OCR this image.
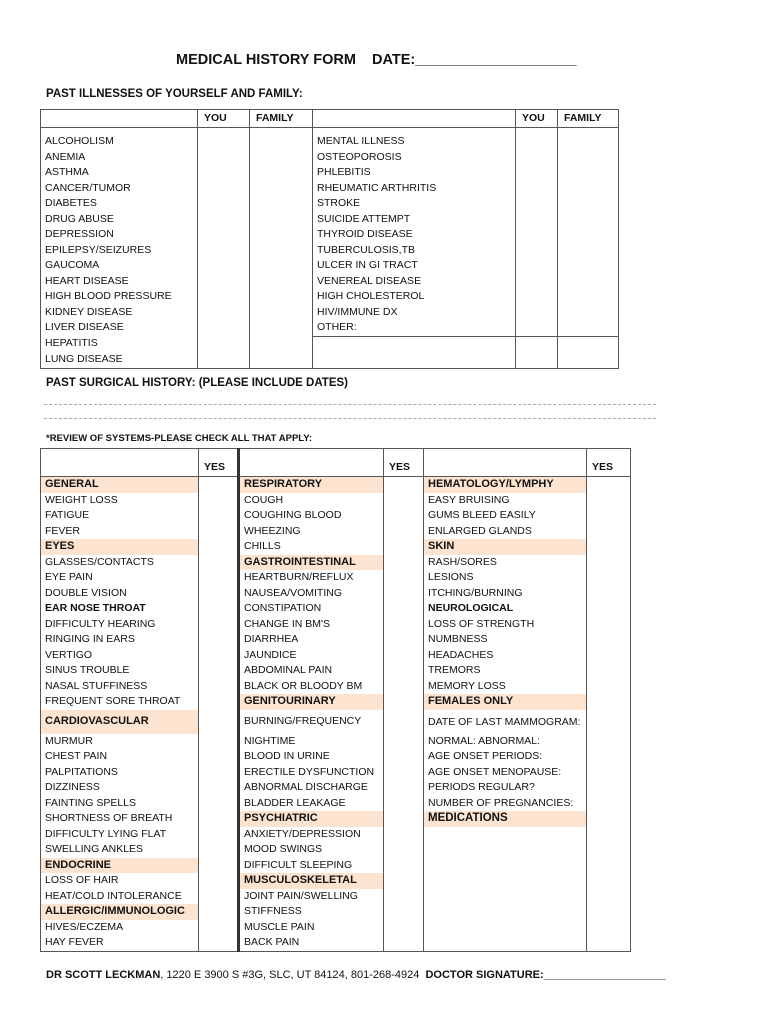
MEDICAL HISTORY FORM    DATE:____________________
PAST ILLNESSES OF YOURSELF AND FAMILY:
	YOU	FAMILY		YOU	FAMILY

ALCOHOLISM			MENTAL ILLNESS		
ANEMIA			OSTEOPOROSIS		
ASTHMA			PHLEBITIS		
CANCER/TUMOR			RHEUMATIC ARTHRITIS		
DIABETES			STROKE		
DRUG ABUSE			SUICIDE ATTEMPT		
DEPRESSION			THYROID DISEASE		
EPILEPSY/SEIZURES			TUBERCULOSIS,TB		
GAUCOMA			ULCER IN GI TRACT		
HEART DISEASE			VENEREAL DISEASE		
HIGH BLOOD PRESSURE			HIGH CHOLESTEROL		
KIDNEY DISEASE			HIV/IMMUNE DX		
LIVER DISEASE			OTHER:		
HEPATITIS					
LUNG DISEASE					
PAST SURGICAL HISTORY: (PLEASE INCLUDE DATES)
*REVIEW OF SYSTEMS-PLEASE CHECK ALL THAT APPLY:
	YES		YES		YES
GENERAL		RESPIRATORY		HEMATOLOGY/LYMPHY	
WEIGHT LOSS		COUGH		EASY BRUISING	
FATIGUE		COUGHING BLOOD		GUMS BLEED EASILY	
FEVER		WHEEZING		ENLARGED GLANDS	
EYES		CHILLS		SKIN	
GLASSES/CONTACTS		GASTROINTESTINAL		RASH/SORES	
EYE PAIN		HEARTBURN/REFLUX		LESIONS	
DOUBLE VISION		NAUSEA/VOMITING		ITCHING/BURNING	
EAR NOSE THROAT		CONSTIPATION		NEUROLOGICAL	
DIFFICULTY HEARING		CHANGE IN BM'S		LOSS OF STRENGTH	
RINGING IN EARS		DIARRHEA		NUMBNESS	
VERTIGO		JAUNDICE		HEADACHES	
SINUS TROUBLE		ABDOMINAL PAIN		TREMORS	
NASAL STUFFINESS		BLACK OR BLOODY BM		MEMORY LOSS	
FREQUENT SORE THROAT		GENITOURINARY		FEMALES ONLY	
CARDIOVASCULAR		BURNING/FREQUENCY		DATE OF LAST MAMMOGRAM:	
MURMUR		NIGHTIME		NORMAL: ABNORMAL:	
CHEST PAIN		BLOOD IN URINE		AGE ONSET PERIODS:	
PALPITATIONS		ERECTILE DYSFUNCTION		AGE ONSET MENOPAUSE:	
DIZZINESS		ABNORMAL DISCHARGE		PERIODS REGULAR?	
FAINTING SPELLS		BLADDER LEAKAGE		NUMBER OF PREGNANCIES:	
SHORTNESS OF BREATH		PSYCHIATRIC		MEDICATIONS	
DIFFICULTY LYING FLAT		ANXIETY/DEPRESSION			
SWELLING ANKLES		MOOD SWINGS			
ENDOCRINE		DIFFICULT SLEEPING			
LOSS OF HAIR		MUSCULOSKELETAL			
HEAT/COLD INTOLERANCE		JOINT PAIN/SWELLING			
ALLERGIC/IMMUNOLOGIC		STIFFNESS			
HIVES/ECZEMA		MUSCLE PAIN			
HAY FEVER		BACK PAIN			
DR SCOTT LECKMAN, 1220 E 3900 S #3G, SLC, UT 84124, 801-268-4924  DOCTOR SIGNATURE:____________________
